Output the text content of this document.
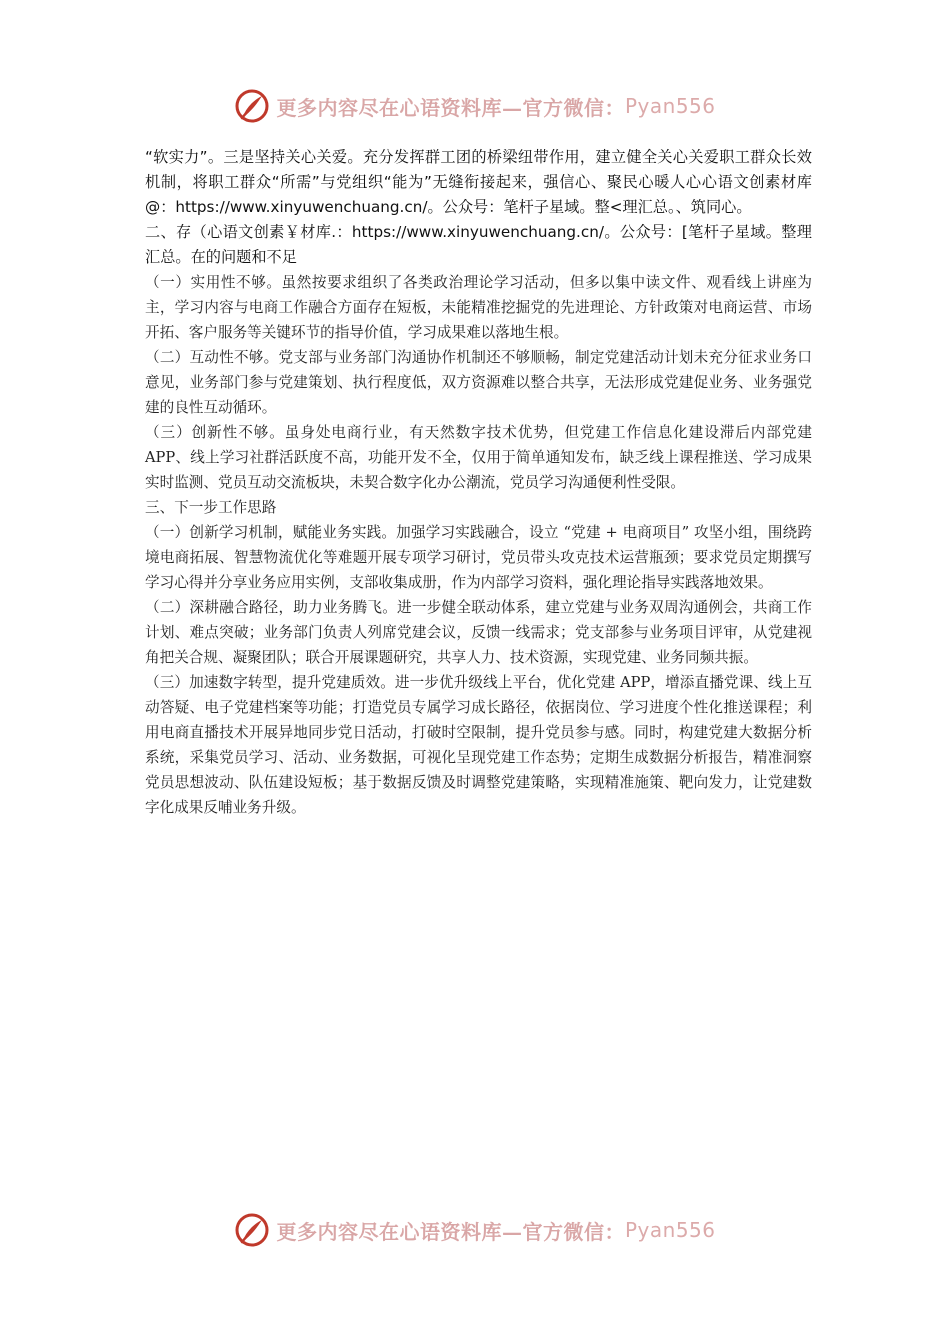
更多内容尽在心语资料库—官方微信： Pyan556

“软实力”。三是坚持关心关爱。充分发挥群工团的桥梁纽带作用，建立健全关心关爱职工群众长效机制，将职工群众“所需”与党组织“能为”无缝衔接起来，强信心、聚民心暖人心心语文创素材库@：https://www.xinyuwenchuang.cn/。公众号：笔杆子星域。整<理汇总。、筑同心。

二、存（心语文创素￥材库.：https://www.xinyuwenchuang.cn/。公众号：[笔杆子星域。整理汇总。在的问题和不足

（一）实用性不够。虽然按要求组织了各类政治理论学习活动，但多以集中读文件、观看线上讲座为主，学习内容与电商工作融合方面存在短板，未能精准挖掘党的先进理论、方针政策对电商运营、市场开拓、客户服务等关键环节的指导价值，学习成果难以落地生根。

（二）互动性不够。党支部与业务部门沟通协作机制还不够顺畅，制定党建活动计划未充分征求业务口意见，业务部门参与党建策划、执行程度低，双方资源难以整合共享，无法形成党建促业务、业务强党建的良性互动循环。

（三）创新性不够。虽身处电商行业，有天然数字技术优势，但党建工作信息化建设滞后内部党建 APP、线上学习社群活跃度不高，功能开发不全，仅用于简单通知发布，缺乏线上课程推送、学习成果实时监测、党员互动交流板块，未契合数字化办公潮流，党员学习沟通便利性受限。

三、下一步工作思路

（一）创新学习机制，赋能业务实践。加强学习实践融合，设立 “党建 + 电商项目” 攻坚小组，围绕跨境电商拓展、智慧物流优化等难题开展专项学习研讨，党员带头攻克技术运营瓶颈；要求党员定期撰写学习心得并分享业务应用实例，支部收集成册，作为内部学习资料，强化理论指导实践落地效果。

（二）深耕融合路径，助力业务腾飞。进一步健全联动体系，建立党建与业务双周沟通例会，共商工作计划、难点突破；业务部门负责人列席党建会议，反馈一线需求；党支部参与业务项目评审，从党建视角把关合规、凝聚团队；联合开展课题研究，共享人力、技术资源，实现党建、业务同频共振。

（三）加速数字转型，提升党建质效。进一步优升级线上平台，优化党建 APP，增添直播党课、线上互动答疑、电子党建档案等功能；打造党员专属学习成长路径，依据岗位、学习进度个性化推送课程；利用电商直播技术开展异地同步党日活动，打破时空限制，提升党员参与感。同时，构建党建大数据分析系统，采集党员学习、活动、业务数据，可视化呈现党建工作态势；定期生成数据分析报告，精准洞察党员思想波动、队伍建设短板；基于数据反馈及时调整党建策略，实现精准施策、靶向发力，让党建数字化成果反哺业务升级。

更多内容尽在心语资料库—官方微信： Pyan556
